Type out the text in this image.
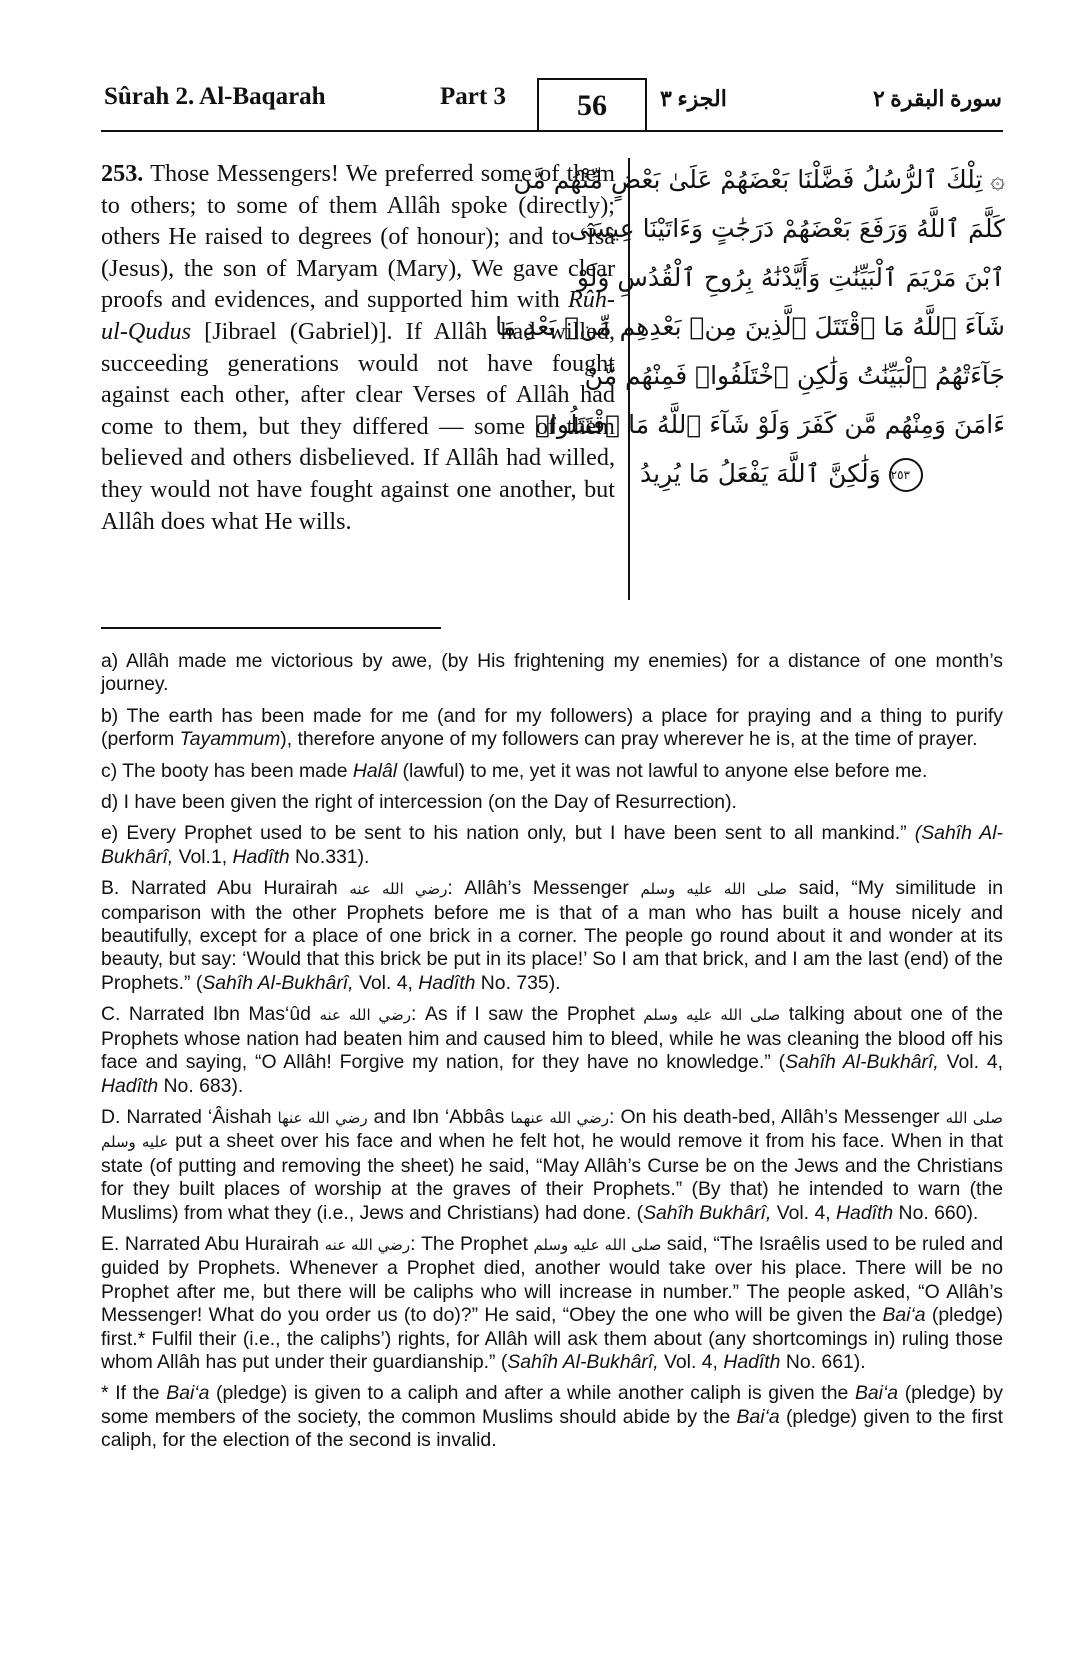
Sûrah 2. Al-Baqarah	Part 3	56	الجزء ٣	سورة البقرة ٢
253. Those Messengers! We preferred some of them to others; to some of them Allâh spoke (directly); others He raised to degrees (of honour); and to ‘Îsâ (Jesus), the son of Maryam (Mary), We gave clear proofs and evidences, and supported him with Rûh-ul-Qudus [Jibrael (Gabriel)]. If Allâh had willed, succeeding generations would not have fought against each other, after clear Verses of Allâh had come to them, but they differed — some of them believed and others disbelieved. If Allâh had willed, they would not have fought against one another, but Allâh does what He wills.
۞ تِلْكَ ٱلرُّسُلُ فَضَّلْنَا بَعْضَهُمْ عَلَىٰ بَعْضٍ مِّنْهُم مَّن
كَلَّمَ ٱللَّهُ وَرَفَعَ بَعْضَهُمْ دَرَجَٰتٍ وَءَاتَيْنَا عِيسَى
ٱبْنَ مَرْيَمَ ٱلْبَيِّنَٰتِ وَأَيَّدْنَٰهُ بِرُوحِ ٱلْقُدُسِ وَلَوْ
شَآءَ ٱللَّهُ مَا ٱقْتَتَلَ ٱلَّذِينَ مِنۢ بَعْدِهِم مِّنۢ بَعْدِ مَا
جَآءَتْهُمُ ٱلْبَيِّنَٰتُ وَلَٰكِنِ ٱخْتَلَفُوا۟ فَمِنْهُم مَّنْ
ءَامَنَ وَمِنْهُم مَّن كَفَرَ وَلَوْ شَآءَ ٱللَّهُ مَا ٱقْتَتَلُوا۟
٢٥٣ وَلَٰكِنَّ ٱللَّهَ يَفْعَلُ مَا يُرِيدُ

a) Allâh made me victorious by awe, (by His frightening my enemies) for a distance of one month’s journey.

b) The earth has been made for me (and for my followers) a place for praying and a thing to purify (perform Tayammum), therefore anyone of my followers can pray wherever he is, at the time of prayer.

c) The booty has been made Halâl (lawful) to me, yet it was not lawful to anyone else before me.

d) I have been given the right of intercession (on the Day of Resurrection).

e) Every Prophet used to be sent to his nation only, but I have been sent to all mankind.” (Sahîh Al-Bukhârî, Vol.1, Hadîth No.331).

B. Narrated Abu Hurairah رضي الله عنه: Allâh’s Messenger صلى الله عليه وسلم said, “My similitude in comparison with the other Prophets before me is that of a man who has built a house nicely and beautifully, except for a place of one brick in a corner. The people go round about it and wonder at its beauty, but say: ‘Would that this brick be put in its place!’ So I am that brick, and I am the last (end) of the Prophets.” (Sahîh Al-Bukhârî, Vol. 4, Hadîth No. 735).

C. Narrated Ibn Mas‘ûd رضي الله عنه: As if I saw the Prophet صلى الله عليه وسلم talking about one of the Prophets whose nation had beaten him and caused him to bleed, while he was cleaning the blood off his face and saying, “O Allâh! Forgive my nation, for they have no knowledge.” (Sahîh Al-Bukhârî, Vol. 4, Hadîth No. 683).

D. Narrated ‘Âishah رضي الله عنها and Ibn ‘Abbâs رضي الله عنهما: On his death-bed, Allâh’s Messenger صلى الله عليه وسلم put a sheet over his face and when he felt hot, he would remove it from his face. When in that state (of putting and removing the sheet) he said, “May Allâh’s Curse be on the Jews and the Christians for they built places of worship at the graves of their Prophets.” (By that) he intended to warn (the Muslims) from what they (i.e., Jews and Christians) had done. (Sahîh Bukhârî, Vol. 4, Hadîth No. 660).

E. Narrated Abu Hurairah رضي الله عنه: The Prophet صلى الله عليه وسلم said, “The Israêlis used to be ruled and guided by Prophets. Whenever a Prophet died, another would take over his place. There will be no Prophet after me, but there will be caliphs who will increase in number.” The people asked, “O Allâh’s Messenger! What do you order us (to do)?” He said, “Obey the one who will be given the Bai‘a (pledge) first.* Fulfil their (i.e., the caliphs’) rights, for Allâh will ask them about (any shortcomings in) ruling those whom Allâh has put under their guardianship.” (Sahîh Al-Bukhârî, Vol. 4, Hadîth No. 661).

* If the Bai‘a (pledge) is given to a caliph and after a while another caliph is given the Bai‘a (pledge) by some members of the society, the common Muslims should abide by the Bai‘a (pledge) given to the first caliph, for the election of the second is invalid.
